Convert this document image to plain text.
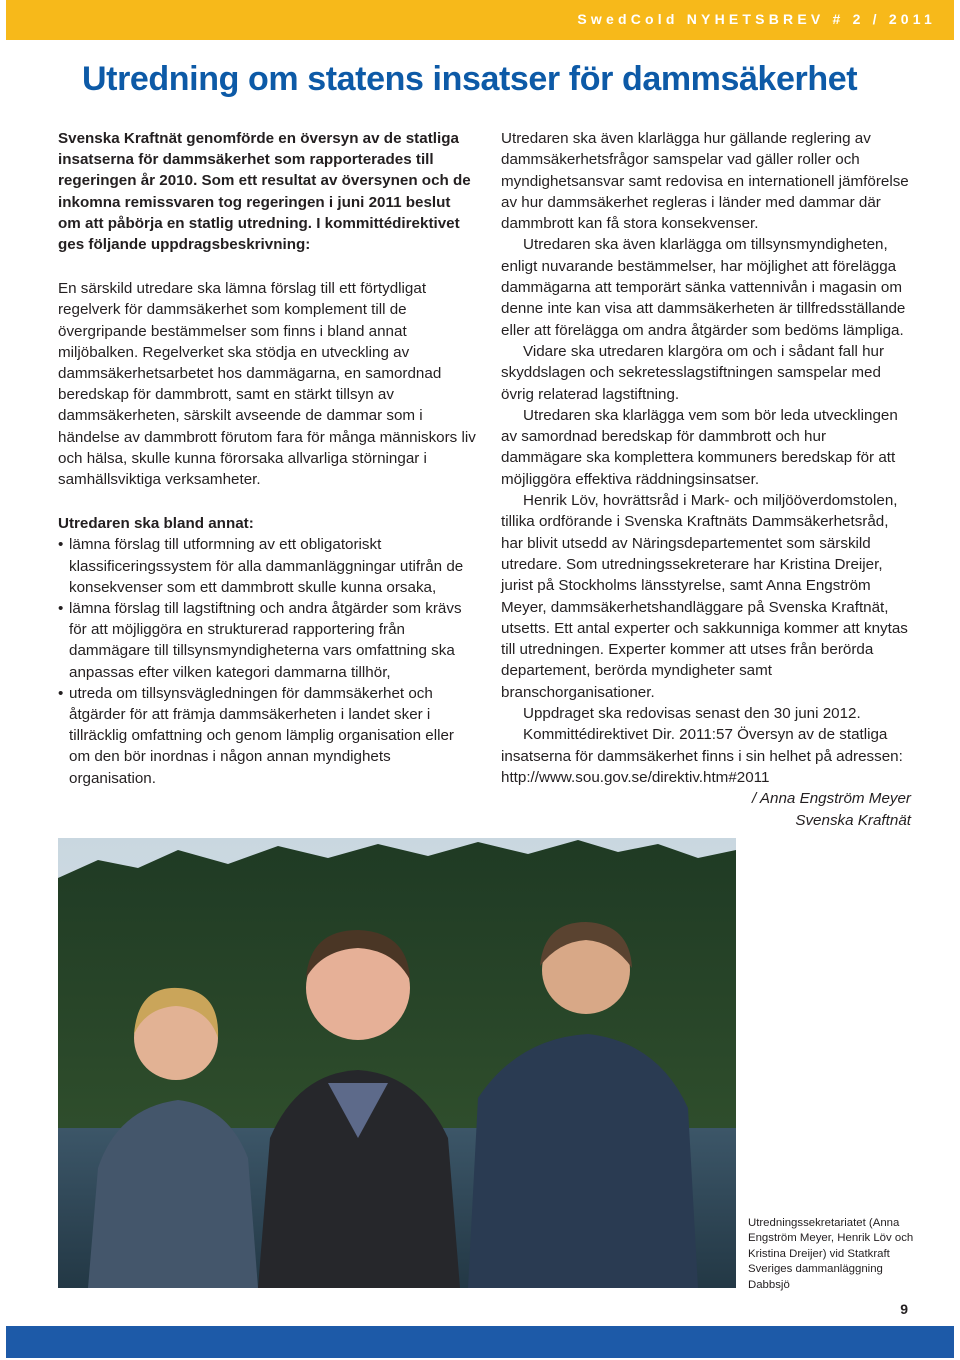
SwedCold NYHETSBREV # 2 / 2011
Utredning om statens insatser för dammsäkerhet

Svenska Kraftnät genomförde en översyn av de statliga insatserna för dammsäkerhet som rapporterades till regeringen år 2010. Som ett resultat av översynen och de inkomna remissvaren tog regeringen i juni 2011 beslut om att påbörja en statlig utredning. I kommittédirektivet ges följande uppdragsbeskrivning:

En särskild utredare ska lämna förslag till ett förtydligat regelverk för dammsäkerhet som komplement till de övergripande bestämmelser som finns i bland annat miljöbalken. Regelverket ska stödja en utveckling av dammsäkerhetsarbetet hos dammägarna, en samordnad beredskap för dammbrott, samt en stärkt tillsyn av dammsäkerheten, särskilt avseende de dammar som i händelse av dammbrott förutom fara för många människors liv och hälsa, skulle kunna förorsaka allvarliga störningar i samhällsviktiga verksamheter.

Utredaren ska bland annat:

• lämna förslag till utformning av ett obligatoriskt klassificeringssystem för alla dammanläggningar utifrån de konsekvenser som ett dammbrott skulle kunna orsaka,
• lämna förslag till lagstiftning och andra åtgärder som krävs för att möjliggöra en strukturerad rapportering från dammägare till tillsynsmyndigheterna vars omfattning ska anpassas efter vilken kategori dammarna tillhör,
• utreda om tillsynsvägledningen för dammsäkerhet och åtgärder för att främja dammsäkerheten i landet sker i tillräcklig omfattning och genom lämplig organisation eller om den bör inordnas i någon annan myndighets organisation.

Utredaren ska även klarlägga hur gällande reglering av dammsäkerhetsfrågor samspelar vad gäller roller och myndighetsansvar samt redovisa en internationell jämförelse av hur dammsäkerhet regleras i länder med dammar där dammbrott kan få stora konsekvenser.

Utredaren ska även klarlägga om tillsynsmyndigheten, enligt nuvarande bestämmelser, har möjlighet att förelägga dammägarna att temporärt sänka vattennivån i magasin om denne inte kan visa att dammsäkerheten är tillfredsställande eller att förelägga om andra åtgärder som bedöms lämpliga.

Vidare ska utredaren klargöra om och i sådant fall hur skyddslagen och sekretesslagstiftningen samspelar med övrig relaterad lagstiftning.

Utredaren ska klarlägga vem som bör leda utvecklingen av samordnad beredskap för dammbrott och hur dammägare ska komplettera kommuners beredskap för att möjliggöra effektiva räddningsinsatser.

Henrik Löv, hovrättsråd i Mark- och miljööverdomstolen, tillika ordförande i Svenska Kraftnäts Dammsäkerhetsråd, har blivit utsedd av Näringsdepartementet som särskild utredare. Som utredningssekreterare har Kristina Dreijer, jurist på Stockholms länsstyrelse, samt Anna Engström Meyer, dammsäkerhetshandläggare på Svenska Kraftnät, utsetts. Ett antal experter och sakkunniga kommer att knytas till utredningen. Experter kommer att utses från berörda departement, berörda myndigheter samt branschorganisationer.

Uppdraget ska redovisas senast den 30 juni 2012.

Kommittédirektivet Dir. 2011:57 Översyn av de statliga insatserna för dammsäkerhet finns i sin helhet på adressen: http://www.sou.gov.se/direktiv.htm#2011

/ Anna Engström Meyer

Svenska Kraftnät

Utredningssekretariatet (Anna Engström Meyer, Henrik Löv och Kristina Dreijer) vid Statkraft Sveriges dammanläggning Dabbsjö
9
